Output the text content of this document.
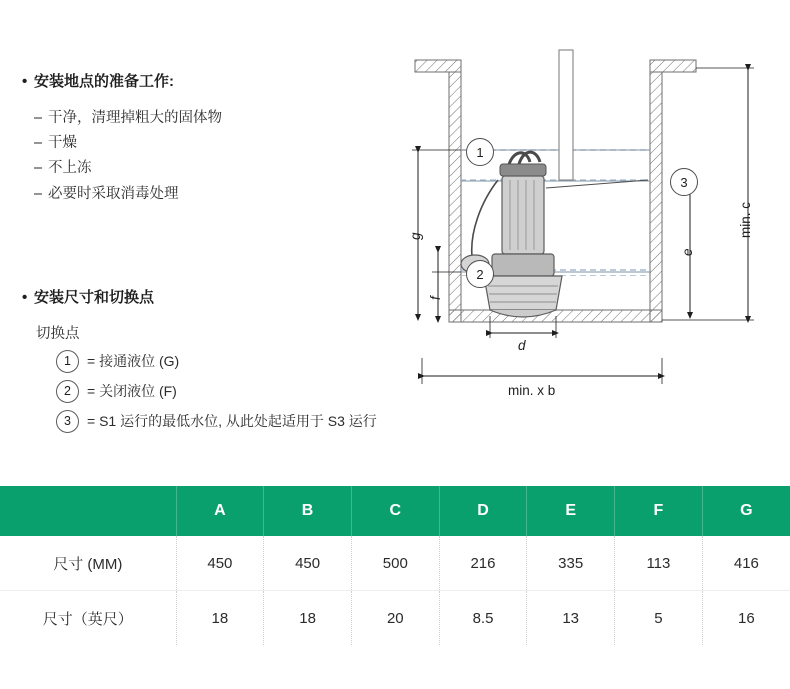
• 安装地点的准备工作:
– 干净，清理掉粗大的固体物
– 干燥
– 不上冻
– 必要时采取消毒处理
• 安装尺寸和切换点
切换点
1	= 接通液位 (G)
2	= 关闭液位 (F)
3	= S1 运行的最低水位, 从此处起适用于 S3 运行
1
2
3
g
f
e
d
min. c
min. x b
	A	B	C	D	E	F	G
尺寸 (MM)	450	450	500	216	335	113	416
尺寸（英尺）	18	18	20	8.5	13	5	16
